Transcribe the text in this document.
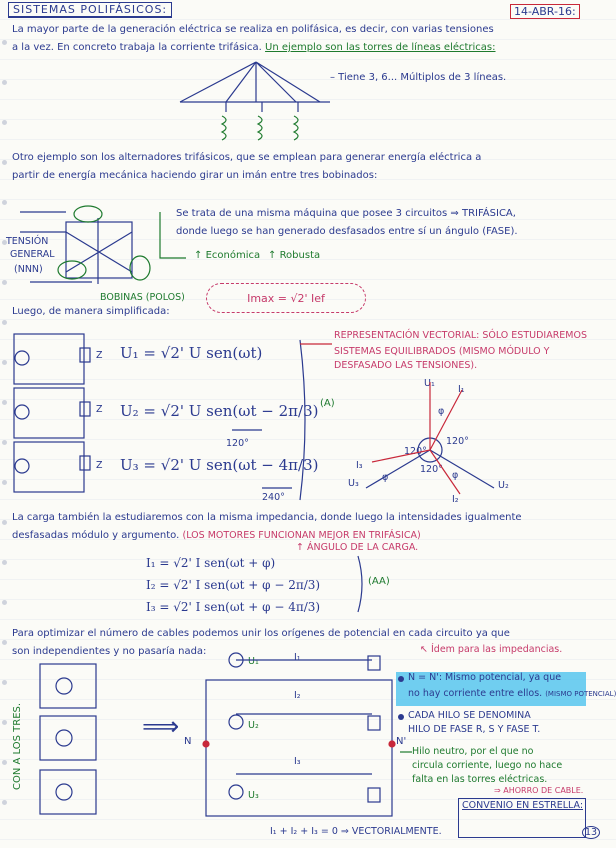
SISTEMAS POLIFÁSICOS:	14-ABR-16:
La mayor parte de la generación eléctrica se realiza en polifásica, es decir, con varias tensiones
a la vez. En concreto trabaja la corriente trifásica. Un ejemplo son las torres de líneas eléctricas:
– Tiene 3, 6... Múltiplos de 3 líneas.
Otro ejemplo son los alternadores trifásicos, que se emplean para generar energía eléctrica a
partir de energía mecánica haciendo girar un imán entre tres bobinados:
TENSIÓN
GENERAL
(NNN)
BOBINAS (POLOS)
Se trata de una misma máquina que posee 3 circuitos ⇒ TRIFÁSICA,
donde luego se han generado desfasados entre sí un ángulo (FASE).
↑ Económica ↑ Robusta
Luego, de manera simplificada:
Imax = √2' Ief
U₁ = √2' U sen(ωt)
U₂ = √2' U sen(ωt − 2π/3)
U₃ = √2' U sen(ωt − 4π/3)
(A)
120°
240°
Z
Z
Z
REPRESENTACIÓN VECTORIAL: SÓLO ESTUDIAREMOS
SISTEMAS EQUILIBRADOS (MISMO MÓDULO Y
DESFASADO LAS TENSIONES).
I₁
U₁
I₂
U₂
I₃
U₃
φ
φ
φ
120°
120°
120°
La carga también la estudiaremos con la misma impedancia, donde luego la intensidades igualmente
desfasadas módulo y argumento. (LOS MOTORES FUNCIONAN MEJOR EN TRIFÁSICA)
↑ ÁNGULO DE LA CARGA.
I₁ = √2' I sen(ωt + φ)
I₂ = √2' I sen(ωt + φ − 2π/3)
I₃ = √2' I sen(ωt + φ − 4π/3)
(AA)
Para optimizar el número de cables podemos unir los orígenes de potencial en cada circuito ya que
son independientes y no pasaría nada:	↖ Ídem para las impedancias.
CON A LOS TRES.	⟹ N	N'
I₁
I₂
I₃
U₁
U₂
U₃
N = N': Mismo potencial, ya que
no hay corriente entre ellos. (MISMO POTENCIAL)
CADA HILO SE DENOMINA
HILO DE FASE R, S Y FASE T.
Hilo neutro, por el que no
circula corriente, luego no hace
falta en las torres eléctricas.
⇒ AHORRO DE CABLE.
CONVENIO EN ESTRELLA:
I₁ + I₂ + I₃ = 0 ⇒ VECTORIALMENTE.	13
